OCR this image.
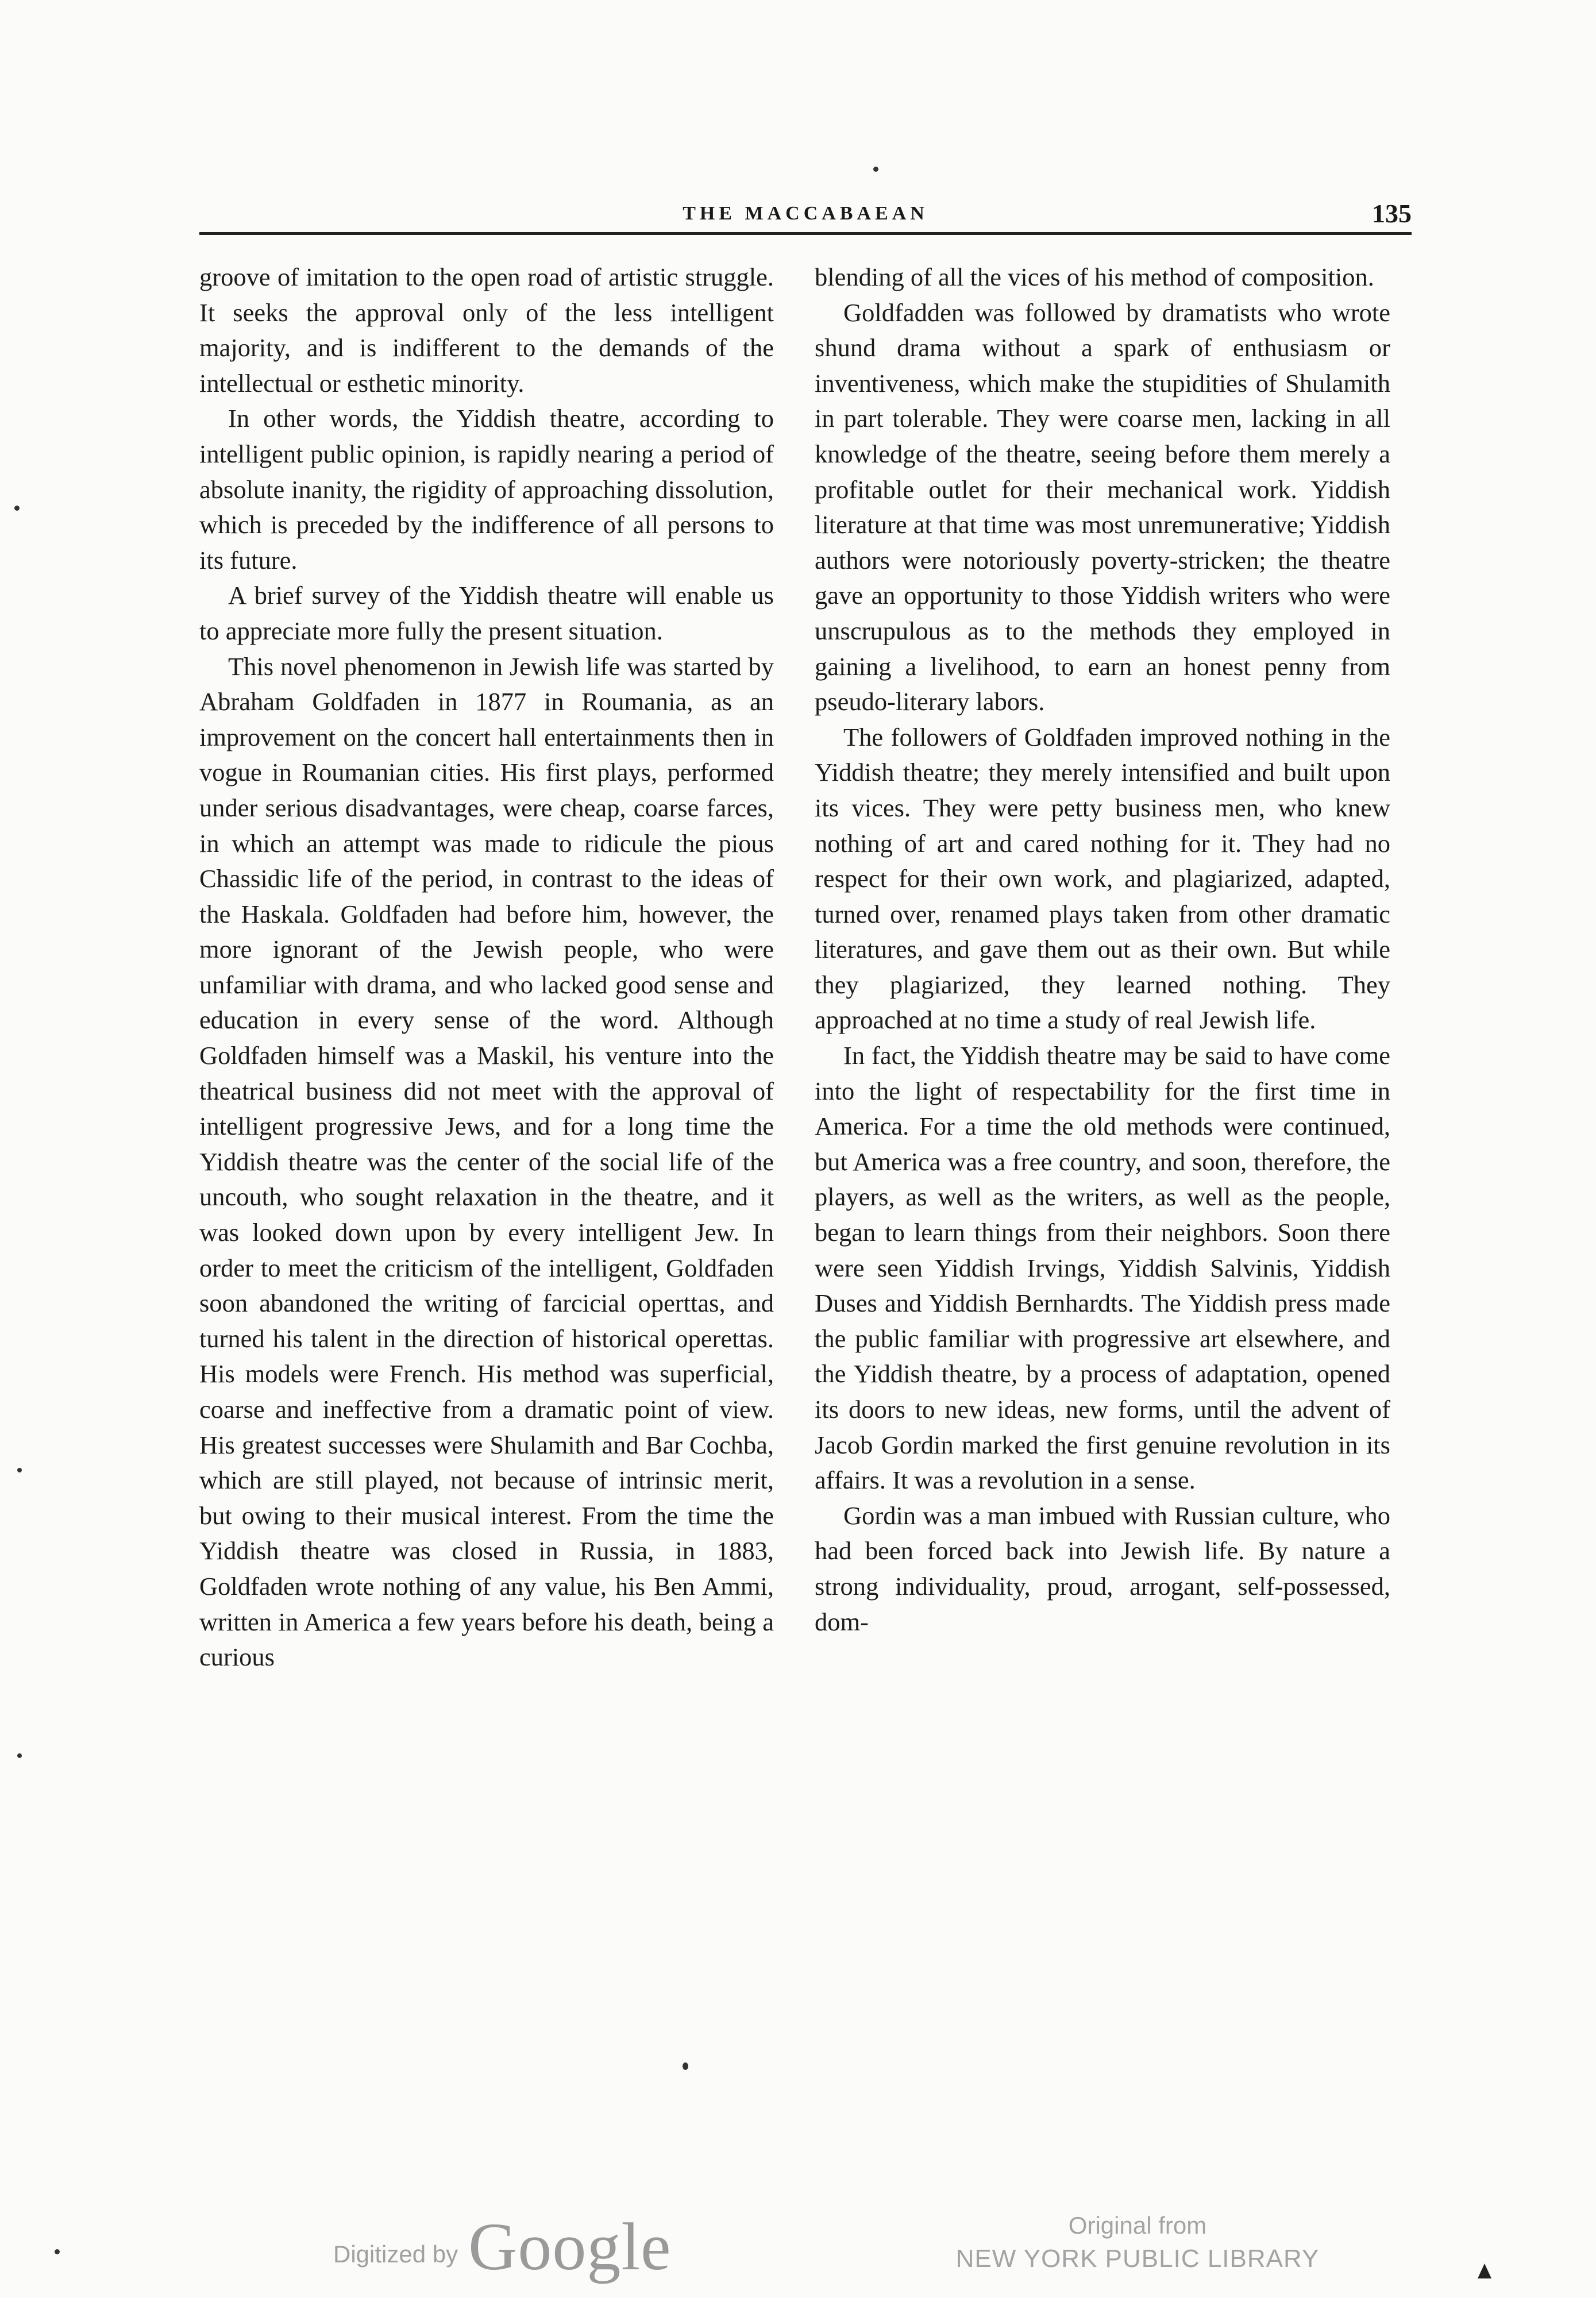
THE MACCABAEAN	135

groove of imitation to the open road of artistic struggle. It seeks the approval only of the less intelligent majority, and is indifferent to the demands of the intellectual or esthetic minority.

In other words, the Yiddish theatre, according to intelligent public opinion, is rapidly nearing a period of absolute inanity, the rigidity of approaching dissolution, which is preceded by the indifference of all persons to its future.

A brief survey of the Yiddish theatre will enable us to appreciate more fully the present situation.

This novel phenomenon in Jewish life was started by Abraham Goldfaden in 1877 in Roumania, as an improvement on the concert hall entertainments then in vogue in Roumanian cities. His first plays, performed under serious disadvantages, were cheap, coarse farces, in which an attempt was made to ridicule the pious Chassidic life of the period, in contrast to the ideas of the Haskala. Goldfaden had before him, however, the more ignorant of the Jewish people, who were unfamiliar with drama, and who lacked good sense and education in every sense of the word. Although Goldfaden himself was a Maskil, his venture into the theatrical business did not meet with the approval of intelligent progressive Jews, and for a long time the Yiddish theatre was the center of the social life of the uncouth, who sought relaxation in the theatre, and it was looked down upon by every intelligent Jew. In order to meet the criticism of the intelligent, Goldfaden soon abandoned the writing of farcicial operttas, and turned his talent in the direction of historical operettas. His models were French. His method was superficial, coarse and ineffective from a dramatic point of view. His greatest successes were Shulamith and Bar Cochba, which are still played, not because of intrinsic merit, but owing to their musical interest. From the time the Yiddish theatre was closed in Russia, in 1883, Goldfaden wrote nothing of any value, his Ben Ammi, written in America a few years before his death, being a curious

blending of all the vices of his method of composition.

Goldfadden was followed by dramatists who wrote shund drama without a spark of enthusiasm or inventiveness, which make the stupidities of Shulamith in part tolerable. They were coarse men, lacking in all knowledge of the theatre, seeing before them merely a profitable outlet for their mechanical work. Yiddish literature at that time was most unremunerative; Yiddish authors were notoriously poverty-stricken; the theatre gave an opportunity to those Yiddish writers who were unscrupulous as to the methods they employed in gaining a livelihood, to earn an honest penny from pseudo-literary labors.

The followers of Goldfaden improved nothing in the Yiddish theatre; they merely intensified and built upon its vices. They were petty business men, who knew nothing of art and cared nothing for it. They had no respect for their own work, and plagiarized, adapted, turned over, renamed plays taken from other dramatic literatures, and gave them out as their own. But while they plagiarized, they learned nothing. They approached at no time a study of real Jewish life.

In fact, the Yiddish theatre may be said to have come into the light of respectability for the first time in America. For a time the old methods were continued, but America was a free country, and soon, therefore, the players, as well as the writers, as well as the people, began to learn things from their neighbors. Soon there were seen Yiddish Irvings, Yiddish Salvinis, Yiddish Duses and Yiddish Bernhardts. The Yiddish press made the public familiar with progressive art elsewhere, and the Yiddish theatre, by a process of adaptation, opened its doors to new ideas, new forms, until the advent of Jacob Gordin marked the first genuine revolution in its affairs. It was a revolution in a sense.

Gordin was a man imbued with Russian culture, who had been forced back into Jewish life. By nature a strong individuality, proud, arrogant, self-possessed, dom-

Digitized by Google	Original from
NEW YORK PUBLIC LIBRARY
